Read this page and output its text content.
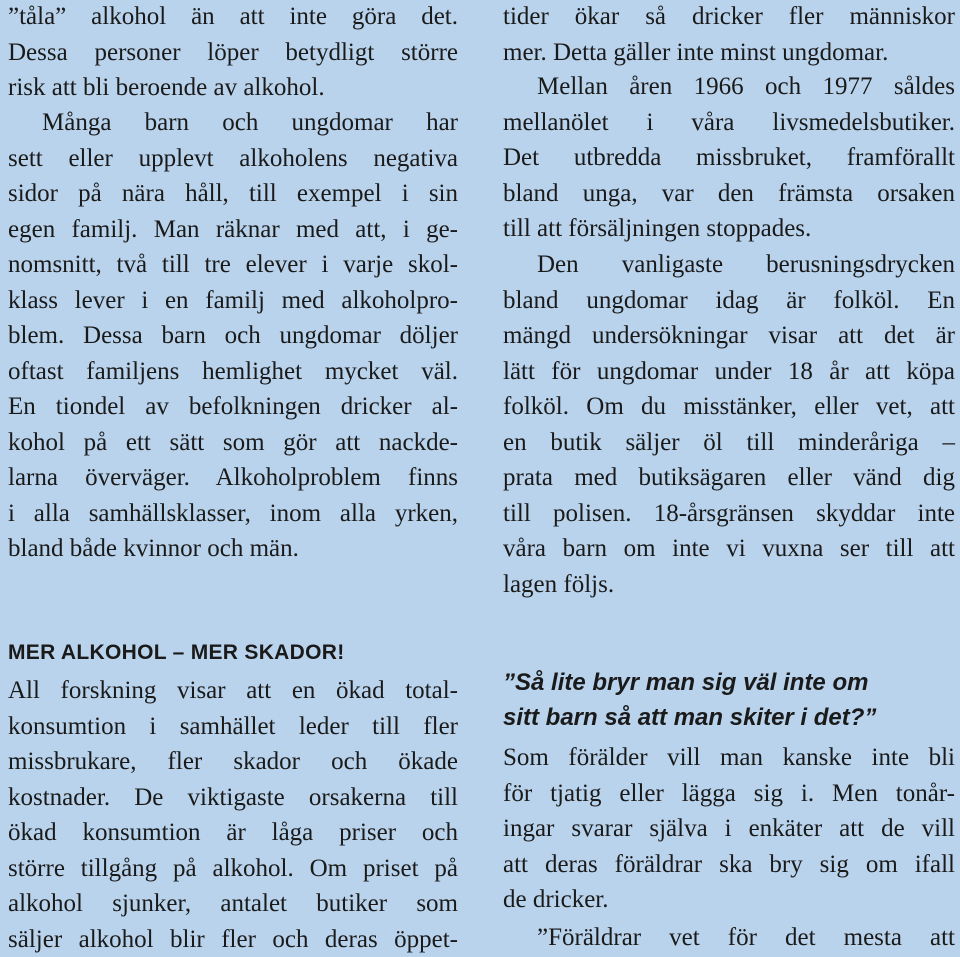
”tåla” alkohol än att inte göra det.
Dessa personer löper betydligt större
risk att bli beroende av alkohol.

Många barn och ungdomar har
sett eller upplevt alkoholens negativa
sidor på nära håll, till exempel i sin
egen familj. Man räknar med att, i ge-
nomsnitt, två till tre elever i varje skol-
klass lever i en familj med alkoholpro-
blem. Dessa barn och ungdomar döljer
oftast familjens hemlighet mycket väl.
En tiondel av befolkningen dricker al-
kohol på ett sätt som gör att nackde-
larna överväger. Alkoholproblem finns
i alla samhällsklasser, inom alla yrken,
bland både kvinnor och män.

MER ALKOHOL – MER SKADOR!

All forskning visar att en ökad total-
konsumtion i samhället leder till fler
missbrukare, fler skador och ökade
kostnader. De viktigaste orsakerna till
ökad konsumtion är låga priser och
större tillgång på alkohol. Om priset på
alkohol sjunker, antalet butiker som
säljer alkohol blir fler och deras öppet-

tider ökar så dricker fler människor
mer. Detta gäller inte minst ungdomar.

Mellan åren 1966 och 1977 såldes
mellanölet i våra livsmedelsbutiker.
Det utbredda missbruket, framförallt
bland unga, var den främsta orsaken
till att försäljningen stoppades.

Den vanligaste berusningsdrycken
bland ungdomar idag är folköl. En
mängd undersökningar visar att det är
lätt för ungdomar under 18 år att köpa
folköl. Om du misstänker, eller vet, att
en butik säljer öl till minderåriga –
prata med butiksägaren eller vänd dig
till polisen. 18-årsgränsen skyddar inte
våra barn om inte vi vuxna ser till att
lagen följs.

”Så lite bryr man sig väl inte om
sitt barn så att man skiter i det?”

Som förälder vill man kanske inte bli
för tjatig eller lägga sig i. Men tonår-
ingar svarar själva i enkäter att de vill
att deras föräldrar ska bry sig om ifall
de dricker.

”Föräldrar vet för det mesta att
